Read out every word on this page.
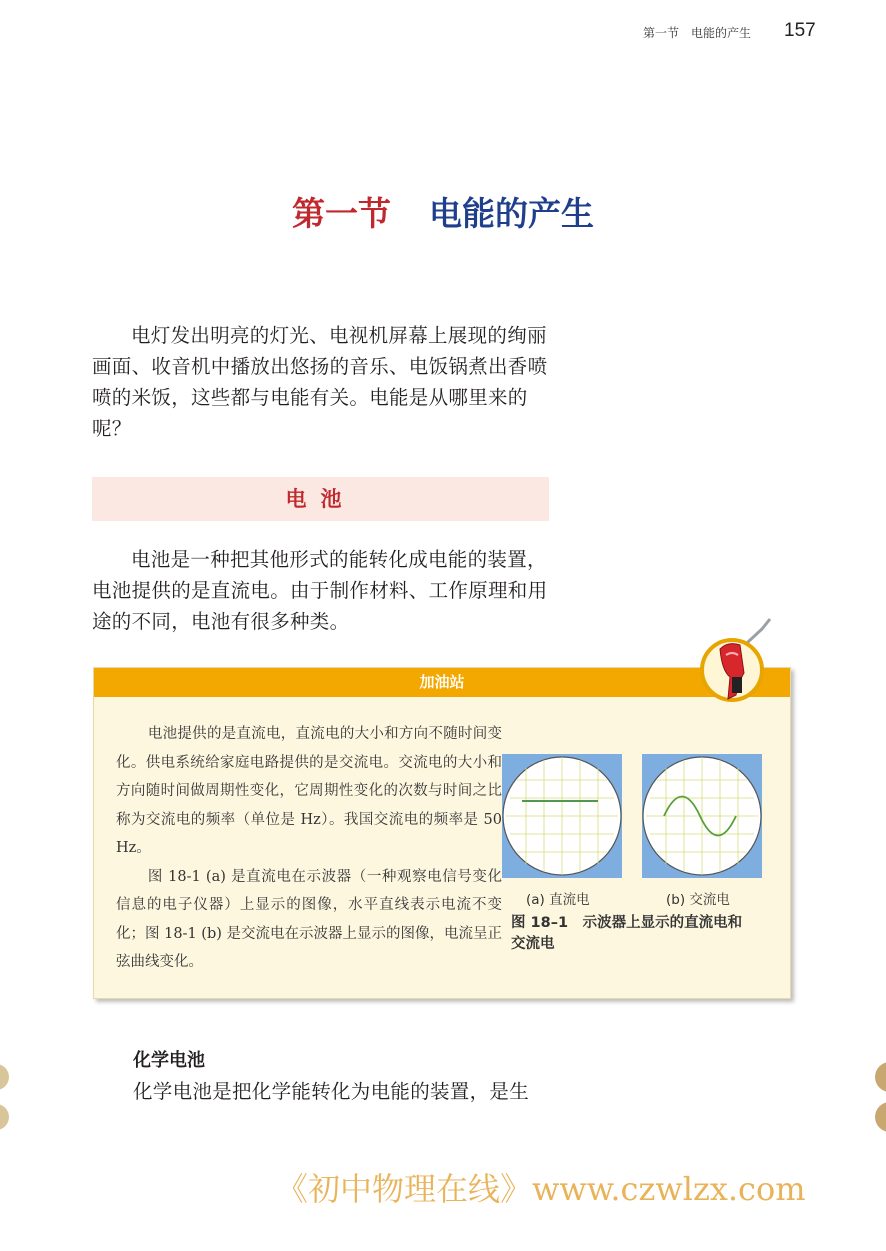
第一节　电能的产生 157
第一节 电能的产生

电灯发出明亮的灯光、电视机屏幕上展现的绚丽画面、收音机中播放出悠扬的音乐、电饭锅煮出香喷喷的米饭，这些都与电能有关。电能是从哪里来的呢？

电池

电池是一种把其他形式的能转化成电能的装置，电池提供的是直流电。由于制作材料、工作原理和用途的不同，电池有很多种类。

加油站

电池提供的是直流电，直流电的大小和方向不随时间变化。供电系统给家庭电路提供的是交流电。交流电的大小和方向随时间做周期性变化，它周期性变化的次数与时间之比称为交流电的频率（单位是 Hz）。我国交流电的频率是 50 Hz。

图 18-1 (a) 是直流电在示波器（一种观察电信号变化信息的电子仪器）上显示的图像，水平直线表示电流不变化；图 18-1 (b) 是交流电在示波器上显示的图像，电流呈正弦曲线变化。

(a) 直流电	(b) 交流电
图 18–1　 示波器上显示的直流电和交流电
化学电池
化学电池是把化学能转化为电能的装置，是生
《初中物理在线》www.czwlzx.com
